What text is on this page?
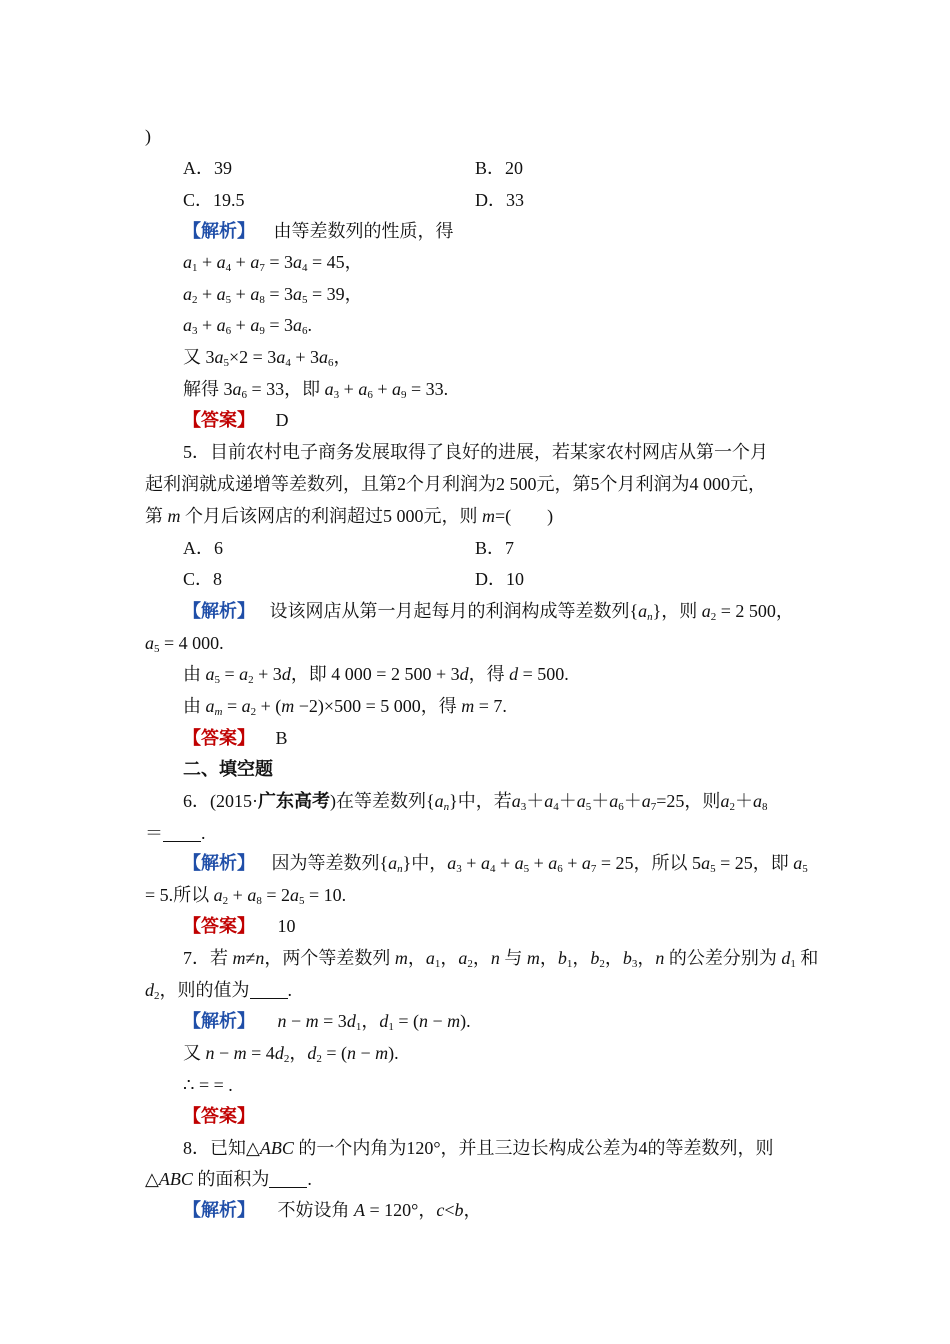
)
A．39	B．20
C．19.5	D．33
【解析】 由等差数列的性质，得
$a_1 + a_4 + a_7 = 3a_4 = 45$，
$a_2 + a_5 + a_8 = 3a_5 = 39$，
$a_3 + a_6 + a_9 = 3a_6$.
又 $3a_5\times 2 = 3a_4 + 3a_6$，
解得 $3a_6 = 33$，即 $a_3 + a_6 + a_9 = 33$.
【答案】 D
5．目前农村电子商务发展取得了良好的进展，若某家农村网店从第一个月
起利润就成递增等差数列，且第2个月利润为2 500元，第5个月利润为4 000元，
第 m 个月后该网店的利润超过5 000元，则 m=(　　)
A．6	B．7
C．8	D．10
【解析】 设该网店从第一月起每月的利润构成等差数列$\{a_n\}$，则 $a_2 = 2$ 500，
$a_5 = 4$ 000.
由 $a_5 = a_2 + 3d$，即 4 000 = 2 500 + 3d，得 d = 500.
由 $a_m = a_2 + (m -2)\times 500 = 5$ 000，得 m = 7.
【答案】 B
二、填空题
6．(2015·广东高考)在等差数列$\{a_n\}$中，若$a_3+a_4+a_5+a_6+a_7=25$，则$a_2+a_8$
＝ .
【解析】 因为等差数列$\{a_n\}$中，$a_3 + a_4 + a_5 + a_6 + a_7 = 25$，所以 $5a_5 = 25$，即 $a_5$
= 5.所以 $a_2 + a_8 = 2a_5 = 10$.
【答案】 10
7．若 m≠n，两个等差数列 m，$a_1$，$a_2$，n 与 m，$b_1$，$b_2$，$b_3$，n 的公差分别为 $d_1$ 和
$d_2$，则的值为 .
【解析】 $n - m = 3d_1$，$d_1 = (n - m)$.
又 $n - m = 4d_2$，$d_2 = (n - m)$.
∴ = = .
【答案】
8．已知△ABC 的一个内角为120°，并且三边长构成公差为4的等差数列，则
△ABC 的面积为 .
【解析】 不妨设角 A = 120°，c<b，
